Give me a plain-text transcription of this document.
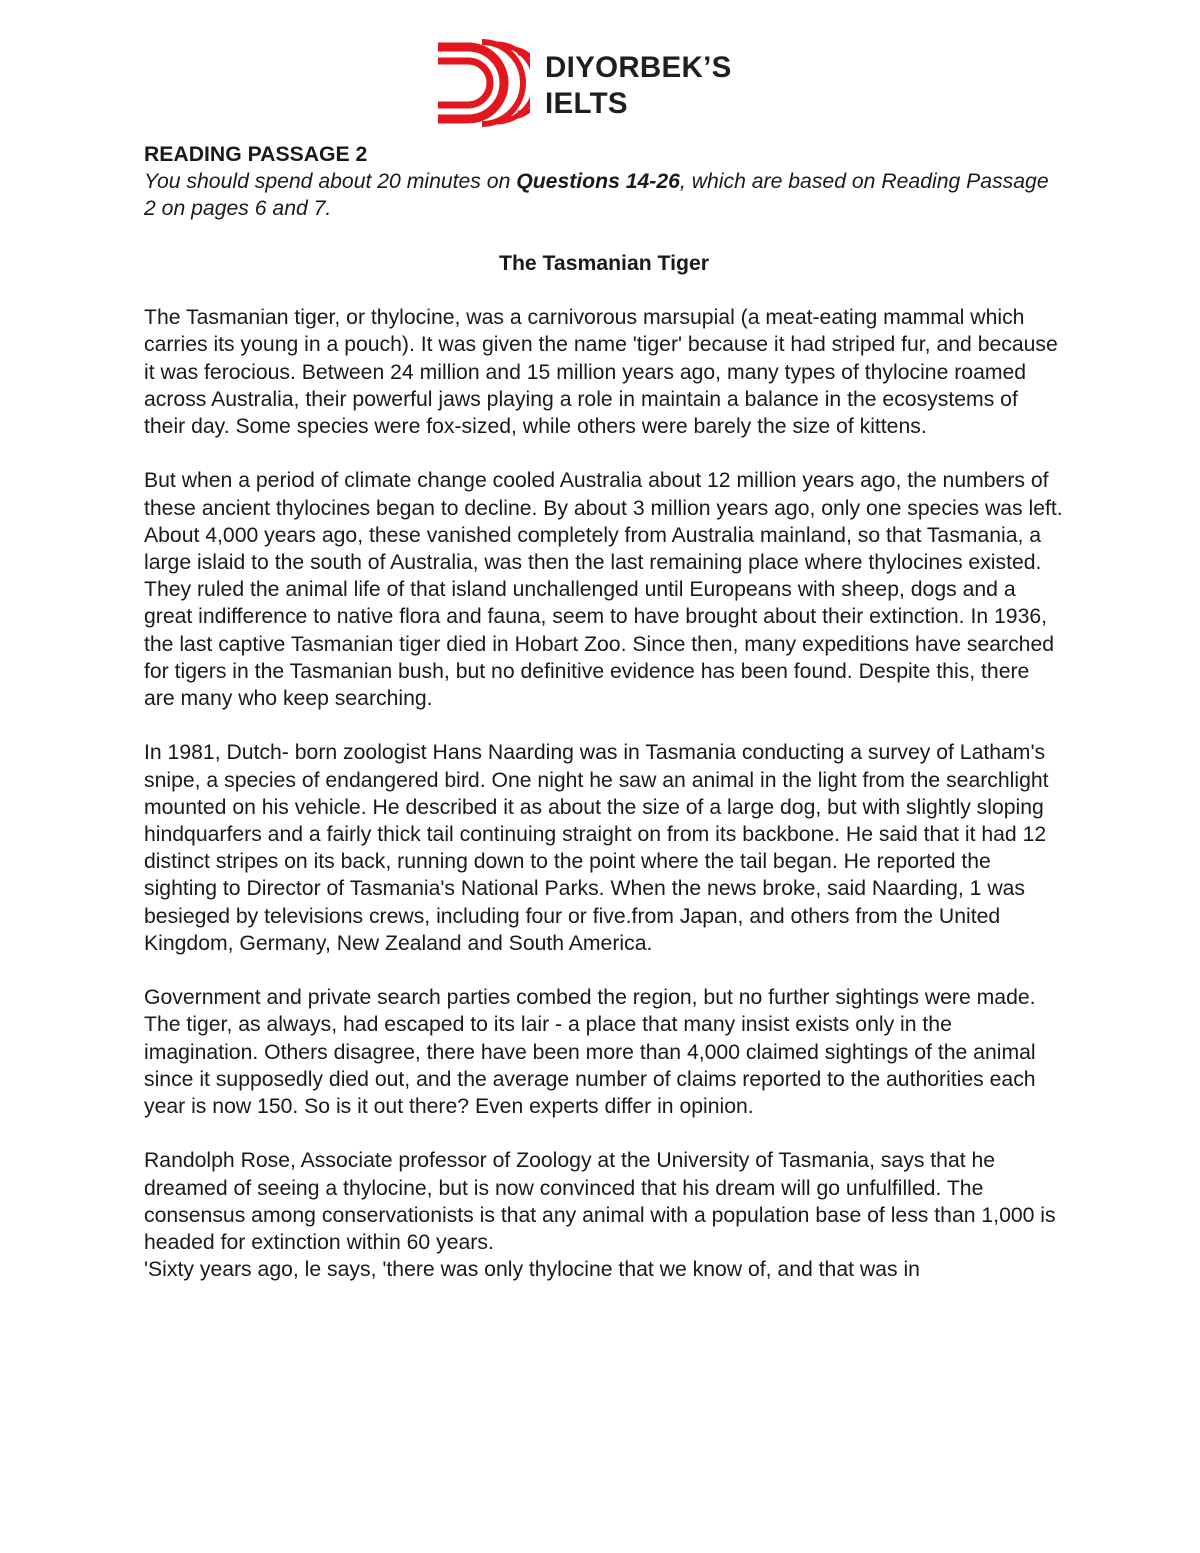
DIYORBEK’S
IELTS

READING PASSAGE 2

You should spend about 20 minutes on Questions 14-26, which are based on Reading Passage 2 on pages 6 and 7.

The Tasmanian Tiger

The Tasmanian tiger, or thylocine, was a carnivorous marsupial (a meat-eating mammal which carries its young in a pouch). It was given the name 'tiger' because it had striped fur, and because it was ferocious. Between 24 million and 15 million years ago, many types of thylocine roamed across Australia, their powerful jaws playing a role in maintain a balance in the ecosystems of their day. Some species were fox-sized, while others were barely the size of kittens.

But when a period of climate change cooled Australia about 12 million years ago, the numbers of these ancient thylocines began to decline. By about 3 million years ago, only one species was left. About 4,000 years ago, these vanished completely from Australia mainland, so that Tasmania, a large islaid to the south of Australia, was then the last remaining place where thylocines existed. They ruled the animal life of that island unchallenged until Europeans with sheep, dogs and a great indifference to native flora and fauna, seem to have brought about their extinction. In 1936, the last captive Tasmanian tiger died in Hobart Zoo. Since then, many expeditions have searched for tigers in the Tasmanian bush, but no definitive evidence has been found. Despite this, there are many who keep searching.

In 1981, Dutch- born zoologist Hans Naarding was in Tasmania conducting a survey of Latham's snipe, a species of endangered bird. One night he saw an animal in the light from the searchlight mounted on his vehicle. He described it as about the size of a large dog, but with slightly sloping hindquarfers and a fairly thick tail continuing straight on from its backbone. He said that it had 12 distinct stripes on its back, running down to the point where the tail began. He reported the sighting to Director of Tasmania's National Parks. When the news broke, said Naarding, 1 was besieged by televisions crews, including four or five.from Japan, and others from the United Kingdom, Germany, New Zealand and South America.

Government and private search parties combed the region, but no further sightings were made. The tiger, as always, had escaped to its lair - a place that many insist exists only in the imagination. Others disagree, there have been more than 4,000 claimed sightings of the animal since it supposedly died out, and the average number of claims reported to the authorities each year is now 150. So is it out there? Even experts differ in opinion.

Randolph Rose, Associate professor of Zoology at the University of Tasmania, says that he dreamed of seeing a thylocine, but is now convinced that his dream will go unfulfilled. The consensus among conservationists is that any animal with a population base of less than 1,000 is headed for extinction within 60 years.

'Sixty years ago, le says, 'there was only thylocine that we know of, and that was in
